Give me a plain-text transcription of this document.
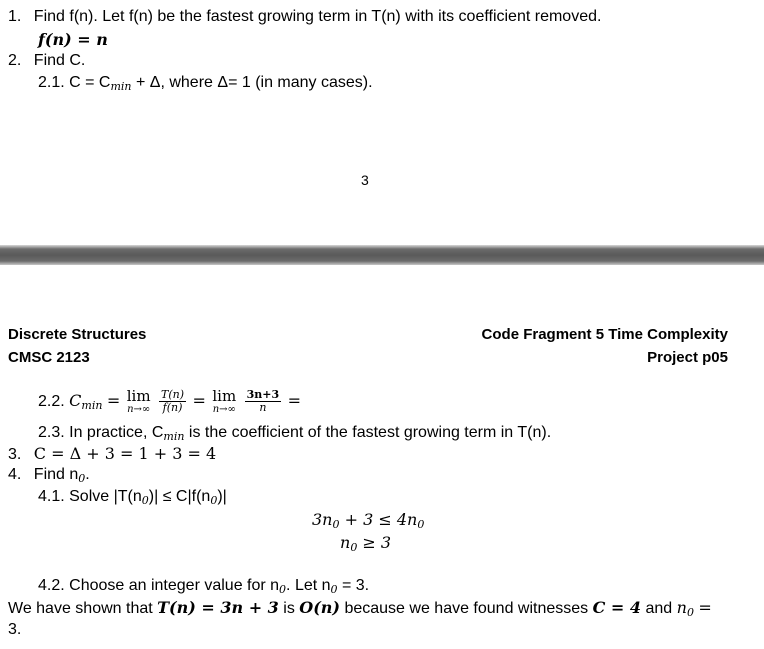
1. Find f(n). Let f(n) be the fastest growing term in T(n) with its coefficient removed.
f(n) = n
2. Find C.
2.1. $C = C_{min} + \Delta$, where Δ= 1 (in many cases).
3
Discrete Structures
CMSC 2123
Code Fragment 5 Time Complexity
Project p05
2.2. $C_{min} = \lim$
n→∞
$\frac{T(n)}{f(n)} = \lim$
n→∞
$\frac{3n+3}{n}$ =
2.3. In practice, $C_{min}$ is the coefficient of the fastest growing term in T(n).
3. C = Δ + 3 = 1 + 3 = 4
4. Find $n_0$.
4.1. Solve $|T(n_0)| \le C|f(n_0)|$
$3n_0 + 3 \le 4n_0$
$n_0 \ge 3$
4.2. Choose an integer value for $n_0$. Let $n_0 = 3$.
We have shown that T(n) = 3n + 3 is O(n) because we have found witnesses C = 4 and $n_0$ =
3.
